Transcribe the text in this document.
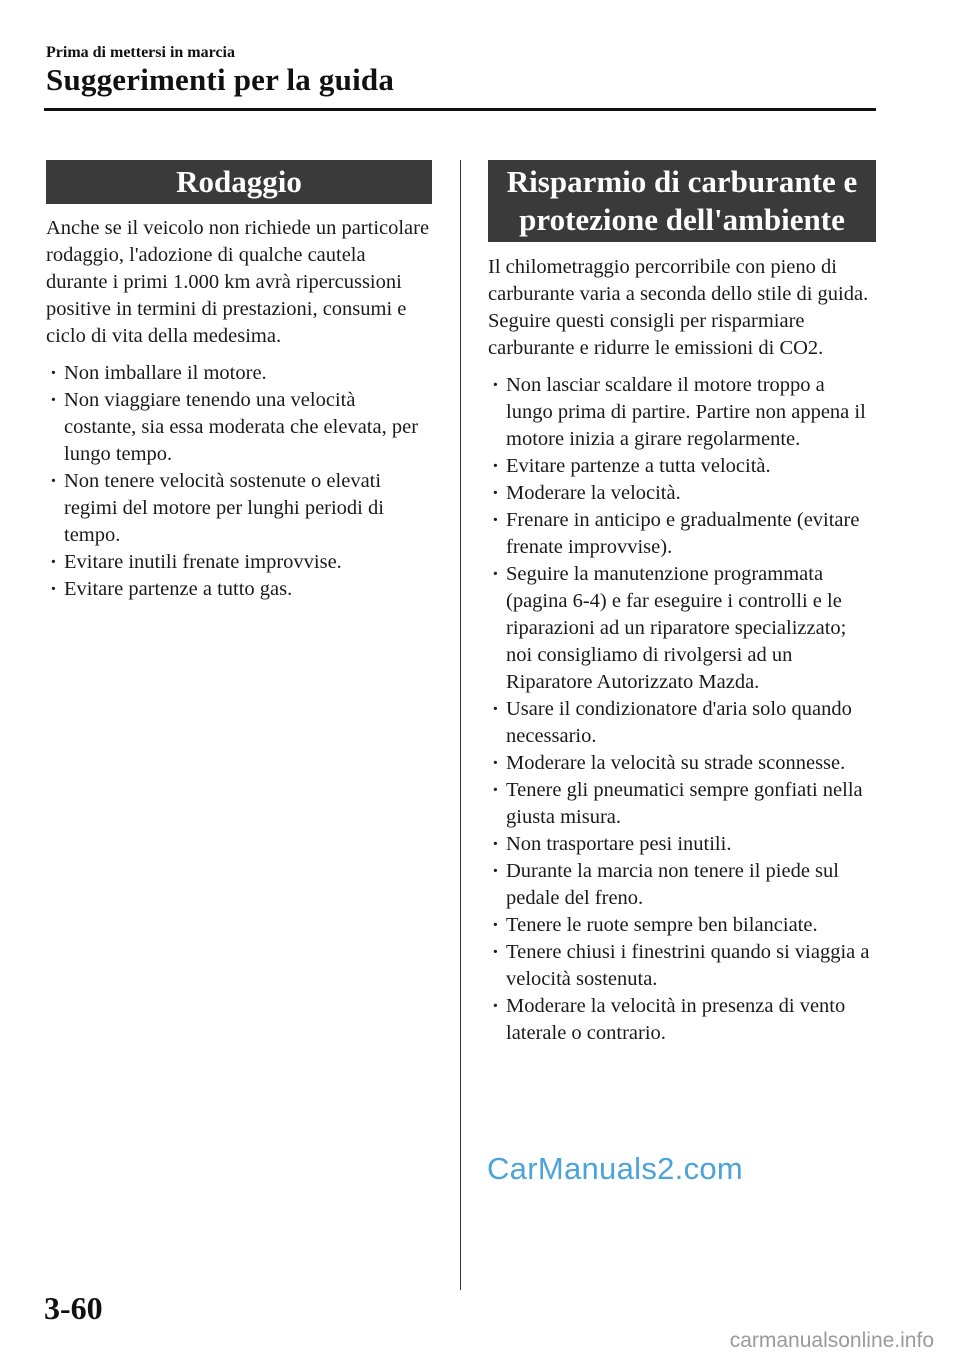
Prima di mettersi in marcia
Suggerimenti per la guida
Rodaggio
Anche se il veicolo non richiede un particolare rodaggio, l'adozione di qualche cautela durante i primi 1.000 km avrà ripercussioni positive in termini di prestazioni, consumi e ciclo di vita della medesima.
· Non imballare il motore.
· Non viaggiare tenendo una velocità costante, sia essa moderata che elevata, per lungo tempo.
· Non tenere velocità sostenute o elevati regimi del motore per lunghi periodi di tempo.
· Evitare inutili frenate improvvise.
· Evitare partenze a tutto gas.
Risparmio di carburante e protezione dell'ambiente
Il chilometraggio percorribile con pieno di carburante varia a seconda dello stile di guida. Seguire questi consigli per risparmiare carburante e ridurre le emissioni di CO2.
· Non lasciar scaldare il motore troppo a lungo prima di partire. Partire non appena il motore inizia a girare regolarmente.
· Evitare partenze a tutta velocità.
· Moderare la velocità.
· Frenare in anticipo e gradualmente (evitare frenate improvvise).
· Seguire la manutenzione programmata (pagina 6-4) e far eseguire i controlli e le riparazioni ad un riparatore specializzato; noi consigliamo di rivolgersi ad un Riparatore Autorizzato Mazda.
· Usare il condizionatore d'aria solo quando necessario.
· Moderare la velocità su strade sconnesse.
· Tenere gli pneumatici sempre gonfiati nella giusta misura.
· Non trasportare pesi inutili.
· Durante la marcia non tenere il piede sul pedale del freno.
· Tenere le ruote sempre ben bilanciate.
· Tenere chiusi i finestrini quando si viaggia a velocità sostenuta.
· Moderare la velocità in presenza di vento laterale o contrario.
CarManuals2.com
3-60
carmanualsonline.info
